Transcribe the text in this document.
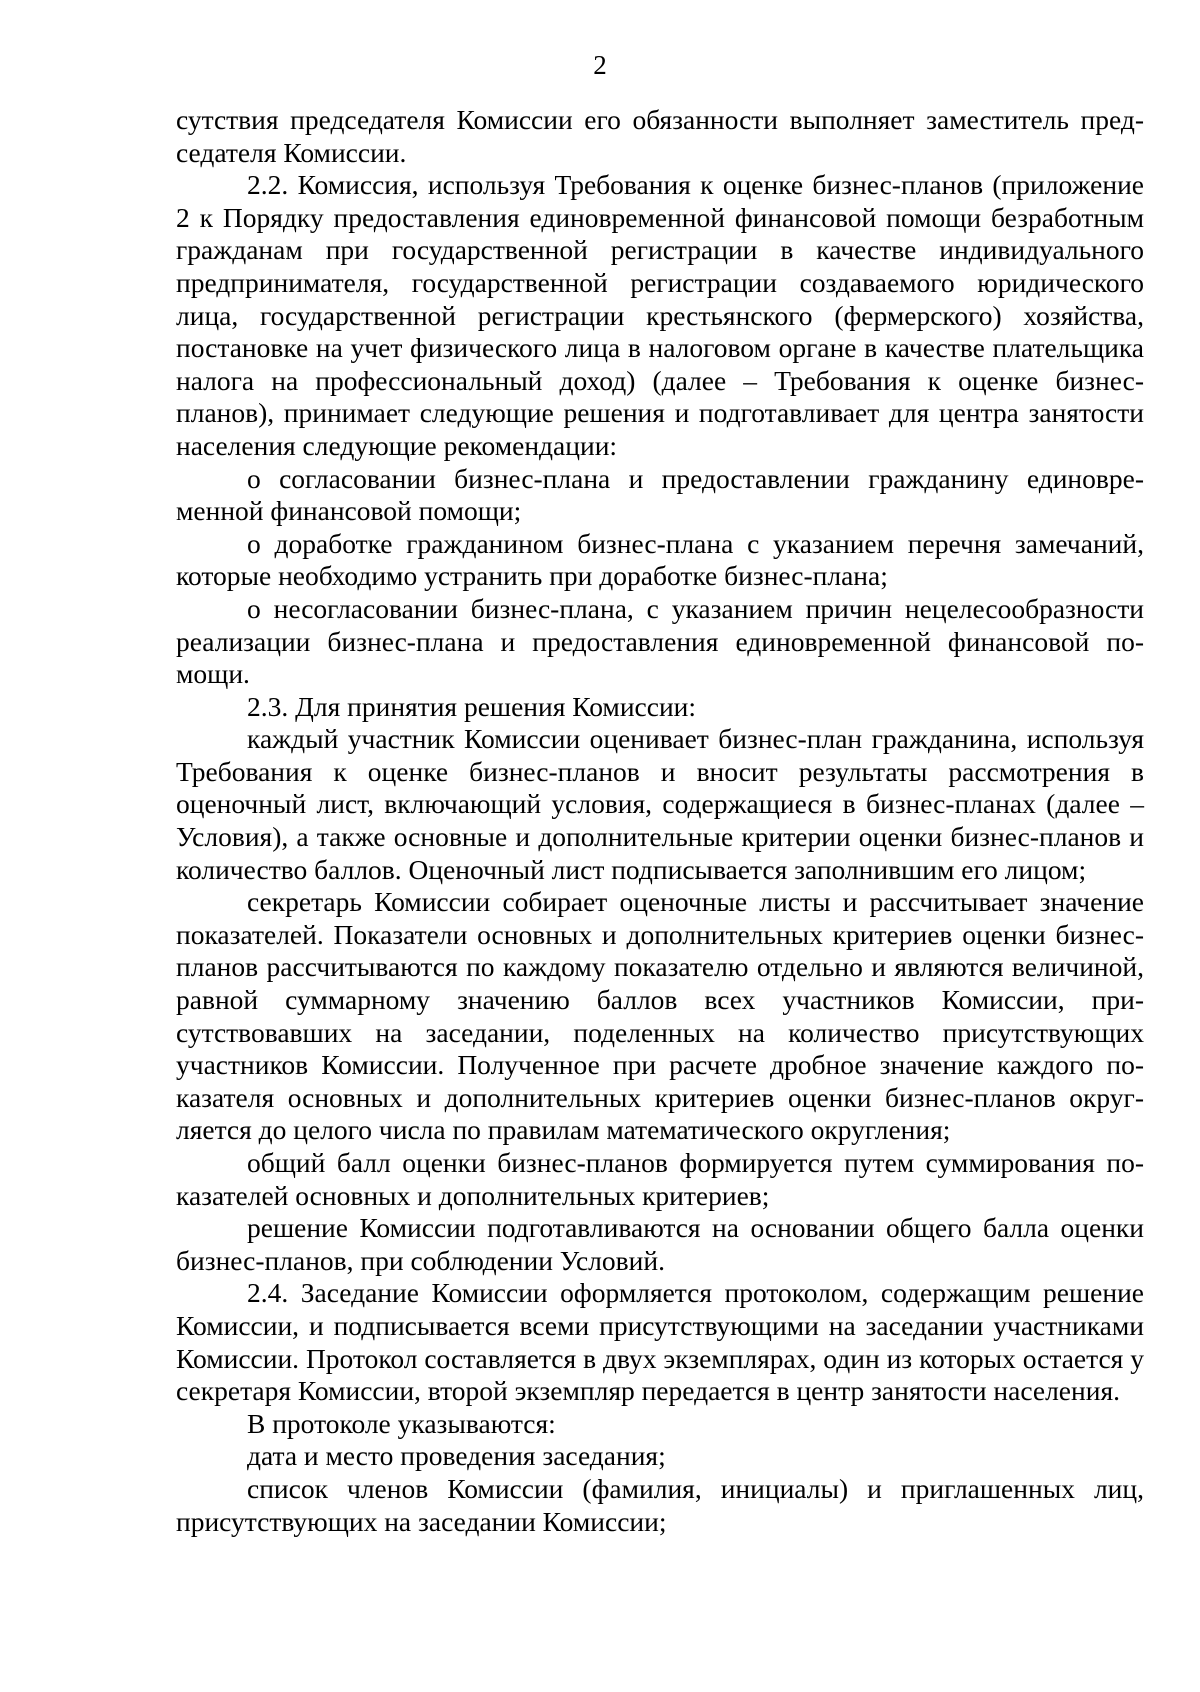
2

сутствия председателя Комиссии его обязанности выполняет заместитель председателя Комиссии.

2.2. Комиссия, используя Требования к оценке бизнес-планов (приложение 2 к Порядку предоставления единовременной финансовой помощи безработным гражданам при государственной регистрации в качестве индивидуального предпринимателя, государственной регистрации создаваемого юридического лица, государственной регистрации крестьянского (фермерского) хозяйства, постановке на учет физического лица в налоговом органе в качестве плательщика налога на профессиональный доход) (далее – Требования к оценке бизнес-планов), принимает следующие решения и подготавливает для центра занятости населения следующие рекомендации:

о согласовании бизнес-плана и предоставлении гражданину единовременной финансовой помощи;

о доработке гражданином бизнес-плана с указанием перечня замечаний, которые необходимо устранить при доработке бизнес-плана;

о несогласовании бизнес-плана, с указанием причин нецелесообразности реализации бизнес-плана и предоставления единовременной финансовой помощи.

2.3. Для принятия решения Комиссии:

каждый участник Комиссии оценивает бизнес-план гражданина, используя Требования к оценке бизнес-планов и вносит результаты рассмотрения в оценочный лист, включающий условия, содержащиеся в бизнес-планах (далее – Условия), а также основные и дополнительные критерии оценки бизнес-планов и количество баллов. Оценочный лист подписывается заполнившим его лицом;

секретарь Комиссии собирает оценочные листы и рассчитывает значение показателей. Показатели основных и дополнительных критериев оценки бизнес-планов рассчитываются по каждому показателю отдельно и являются величиной, равной суммарному значению баллов всех участников Комиссии, присутствовавших на заседании, поделенных на количество присутствующих участников Комиссии. Полученное при расчете дробное значение каждого показателя основных и дополнительных критериев оценки бизнес-планов округляется до целого числа по правилам математического округления;

общий балл оценки бизнес-планов формируется путем суммирования показателей основных и дополнительных критериев;

решение Комиссии подготавливаются на основании общего балла оценки бизнес-планов, при соблюдении Условий.

2.4. Заседание Комиссии оформляется протоколом, содержащим решение Комиссии, и подписывается всеми присутствующими на заседании участниками Комиссии. Протокол составляется в двух экземплярах, один из которых остается у секретаря Комиссии, второй экземпляр передается в центр занятости населения.

В протоколе указываются:

дата и место проведения заседания;

список членов Комиссии (фамилия, инициалы) и приглашенных лиц, присутствующих на заседании Комиссии;
